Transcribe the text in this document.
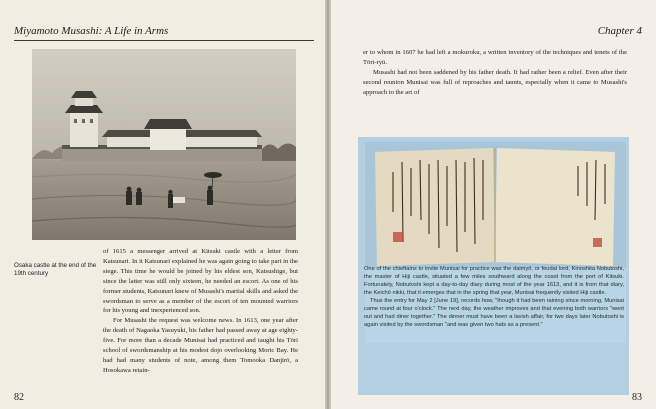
Miyamoto Musashi: A Life in Arms	Chapter 4
Osaka castle at the end of the 19th century

of 1615 a messenger arrived at Kitsuki castle with a letter from Katsunari. In it Katsunari explained he was again going to take part in the siege. This time he would be joined by his eldest son, Katsushige, but since the latter was still only sixteen, he needed an escort. As one of his former students, Katsunari knew of Musashi's martial skills and asked the swordsman to serve as a member of the escort of ten mounted warriors for his young and inexperienced son.

For Musashi the request was welcome news. In 1613, one year after the death of Nagaoka Yasuyuki, his father had passed away at age eighty-five. For more than a decade Munisai had practiced and taught his Tōri school of swordsmanship at his modest dojo overlooking Moric Bay. He had had many students of note, among them Tomooka Danjirō, a Hosokawa retain-

er to whom in 1607 he had left a mokuroku, a written inventory of the techniques and tenets of the Tōri-ryū.

Musashi had not been saddened by his father death. It had rather been a relief. Even after their second reunion Munisai was full of reproaches and taunts, especially when it came to Musashi's approach to the art of

One of the chieftains to invite Munisai for practice was the daimyō, or feudal lord, Kinoshita Nobutoshi, the master of Hiji castle, situated a few miles southward along the coast from the port of Kitsuki. Fortunately, Nobutoshi kept a day-to-day diary during most of the year 1613, and it is from that diary, the Keichō nikki, that it emerges that in the spring that year, Munisai frequently visited Hiji castle.

Thus the entry for May 2 [June 19], records how, "though it had been raining since morning, Munisai came round at four o'clock." The next day, the weather improves and that evening both warriors "went out and had diner together." The dinner must have been a lavish affair, for two days later Nobutoshi is again visited by the swordsman "and was given two hats as a present."

82	83
